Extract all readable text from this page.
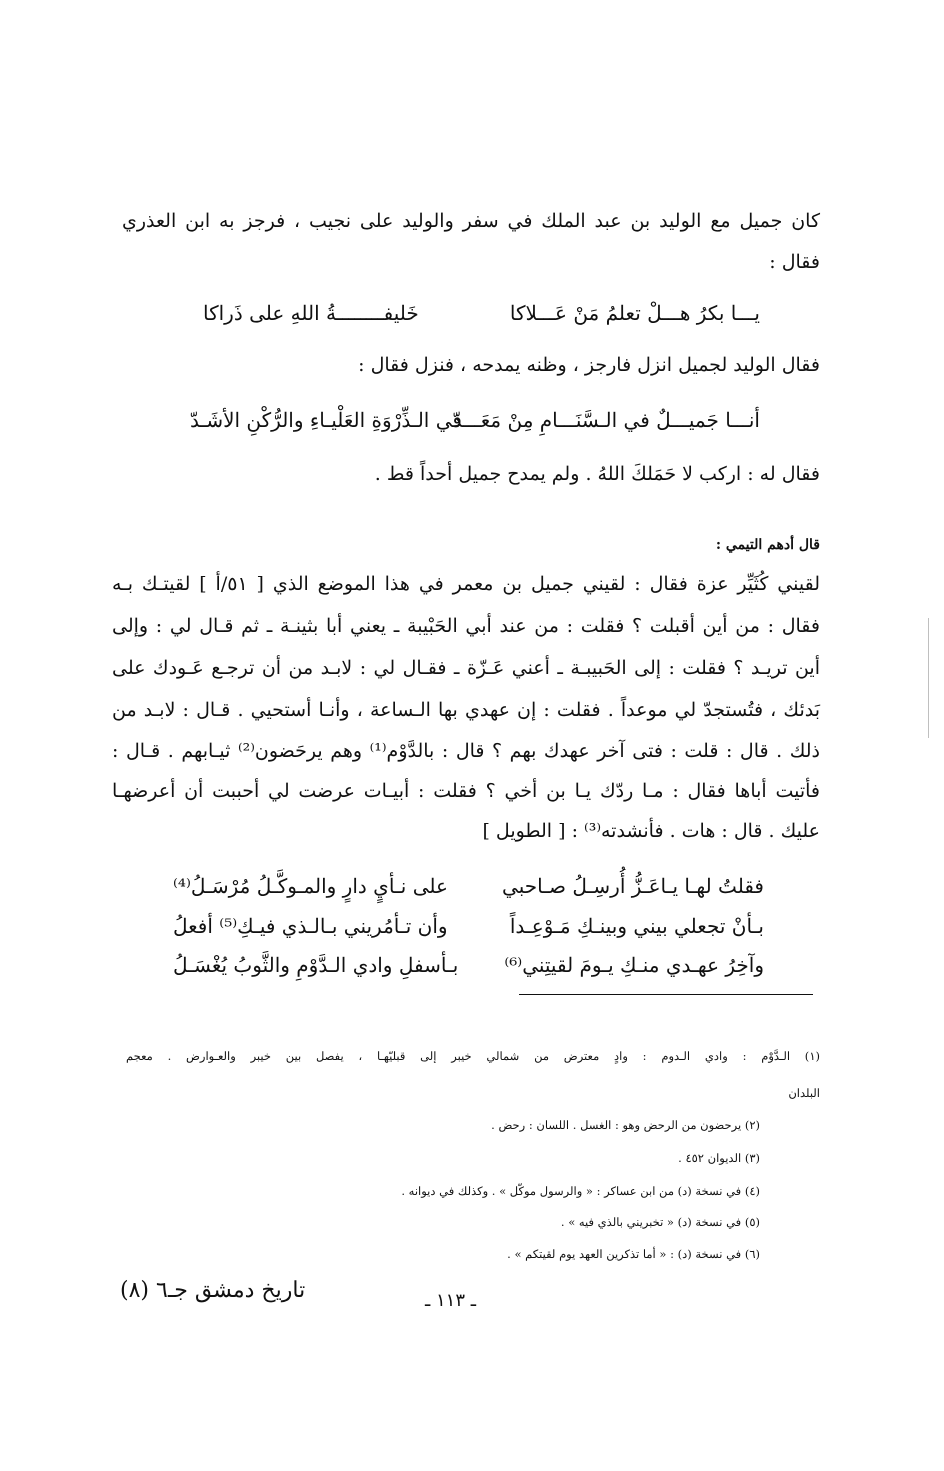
كان جميل مع الوليد بن عبد الملك في سفر والوليد على نجيب ، فرجز به ابن العذري
فقال :
يـــا بكرُ هـــلْ تعلمُ مَنْ عَـــلاكا
خَليفــــــــةُ اللهِ على ذَراكا
فقال الوليد لجميل انزل فارجز ، وظنه يمدحه ، فنزل فقال :
أنـــا جَميـــلٌ في الـسَّنَـــامِ مِنْ مَعَـــدّ
في الـذِّرْوَةِ العَلْيـاءِ والرُّكْنِ الأشَـدّ
فقال له : اركب لا حَمَلكَ اللهُ . ولم يمدح جميل أحداً قط .
قال أدهم التيمي :
لقيني كُثَيِّر عزة فقال : لقيني جميل بن معمر في هذا الموضع الذي [ ٥١/أ ] لقيتـك بـه
فقال : من أين أقبلت ؟ فقلت : من عند أبي الحَبْيبة ـ يعني أبا بثينـة ـ ثم قـال لي : وإلى
أين تريـد ؟ فقلت : إلى الحَبيبـة ـ أعني عَـزّة ـ فقـال لي : لابـد من أن ترجـع عَـودك على
بَدئك ، فتُستجدّ لي موعداً . فقلت : إن عهدي بها الـساعة ، وأنـا أستحيي . قـال : لابـد من
ذلك . قال : قلت : فتى آخر عهدك بهم ؟ قال : بالدَّوْم⁽¹⁾ وهم يرحَضون⁽²⁾ ثيـابهم . قـال :
فأتيت أباها فقال : مـا ردّك يـا بن أخي ؟ فقلت : أبيـات عرضت لي أحببت أن أعرضهـا
عليك . قال : هات . فأنشدته⁽³⁾ : [ الطويل ]
فقلتُ لهـا يـاعَـزُّ أُرسِـلُ صـاحبي
على نـأيٍ دارٍ والمـوكَّـلُ مُرْسَـلُ⁽⁴⁾
بـأنْ تجعلي بيني وبينـكِ مَـوْعِـداً
وأن تـأمُريني بـالـذي فيـكِ⁽⁵⁾ أفعلُ
وآخِرُ عهـدي منـكِ يـومَ لقيتِني⁽⁶⁾
بـأسفلِ وادي الـدَّوْمِ والثَّوبُ يُغْسَـلُ
(١) الـدَّوْم : وادي الـدوم : وادٍ معترض من شمالي خيبر إلى قبليّهـا ، يفصل بين خيبر والعـوارض . معجم
البلدان
(٢) يرحضون من الرحض وهو : الغسل . اللسان : رحض .
(٣) الديوان ٤٥٢ .
(٤) في نسخة (د) من ابن عساكر : « والرسول موكّل » . وكذلك في ديوانه .
(٥) في نسخة (د) « تخبريني بالذي فيه » .
(٦) في نسخة (د) : « أما تذكرين العهد يوم لقيتكم » .
تاريخ دمشق جـ٦ (٨)	ـ ١١٣ ـ
